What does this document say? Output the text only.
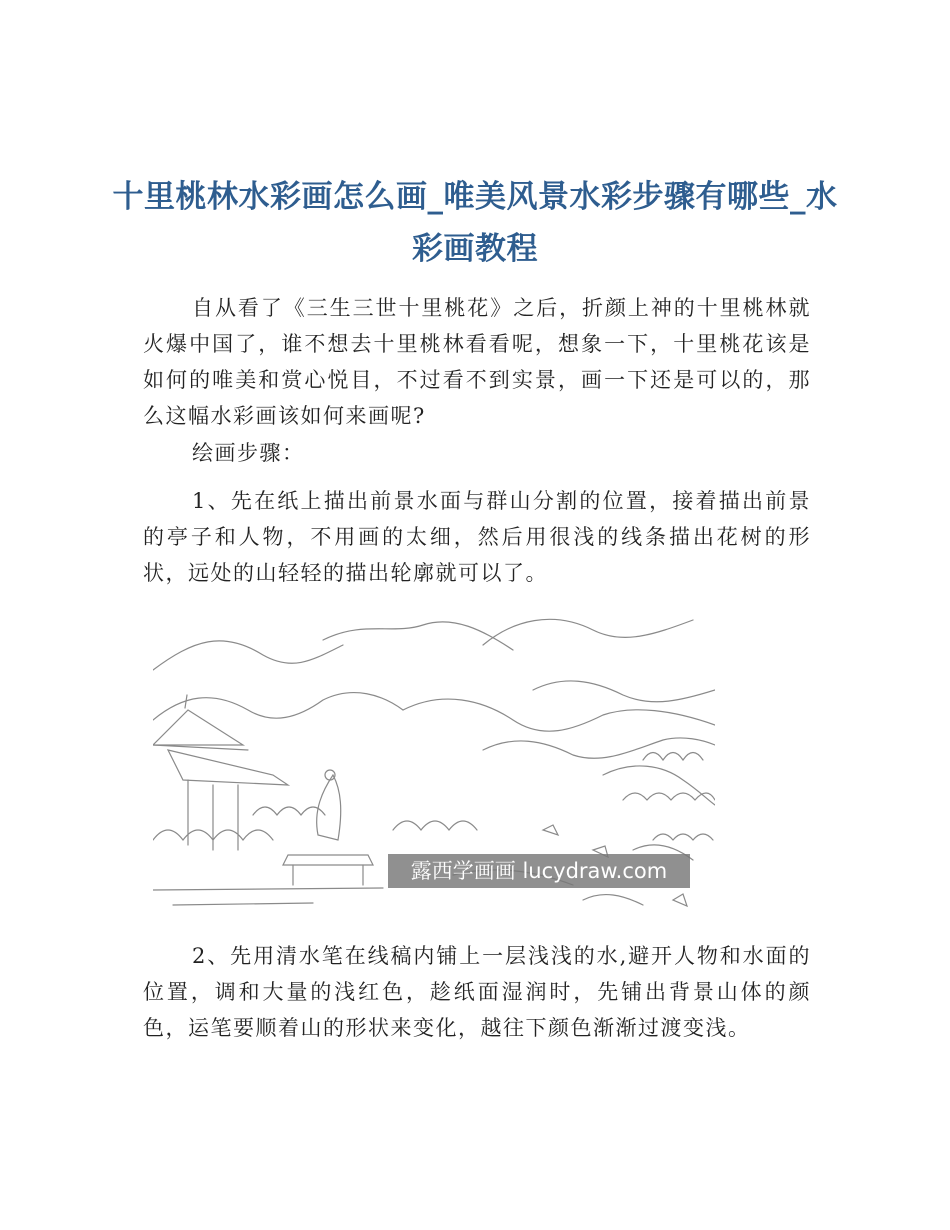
十里桃林水彩画怎么画_唯美风景水彩步骤有哪些_水彩画教程

自从看了《三生三世十里桃花》之后，折颜上神的十里桃林就火爆中国了，谁不想去十里桃林看看呢，想象一下，十里桃花该是如何的唯美和赏心悦目，不过看不到实景，画一下还是可以的，那么这幅水彩画该如何来画呢?

绘画步骤：

1、先在纸上描出前景水面与群山分割的位置，接着描出前景的亭子和人物，不用画的太细，然后用很浅的线条描出花树的形状，远处的山轻轻的描出轮廓就可以了。

露西学画画 lucydraw.com

2、先用清水笔在线稿内铺上一层浅浅的水,避开人物和水面的位置，调和大量的浅红色，趁纸面湿润时，先铺出背景山体的颜色，运笔要顺着山的形状来变化，越往下颜色渐渐过渡变浅。
